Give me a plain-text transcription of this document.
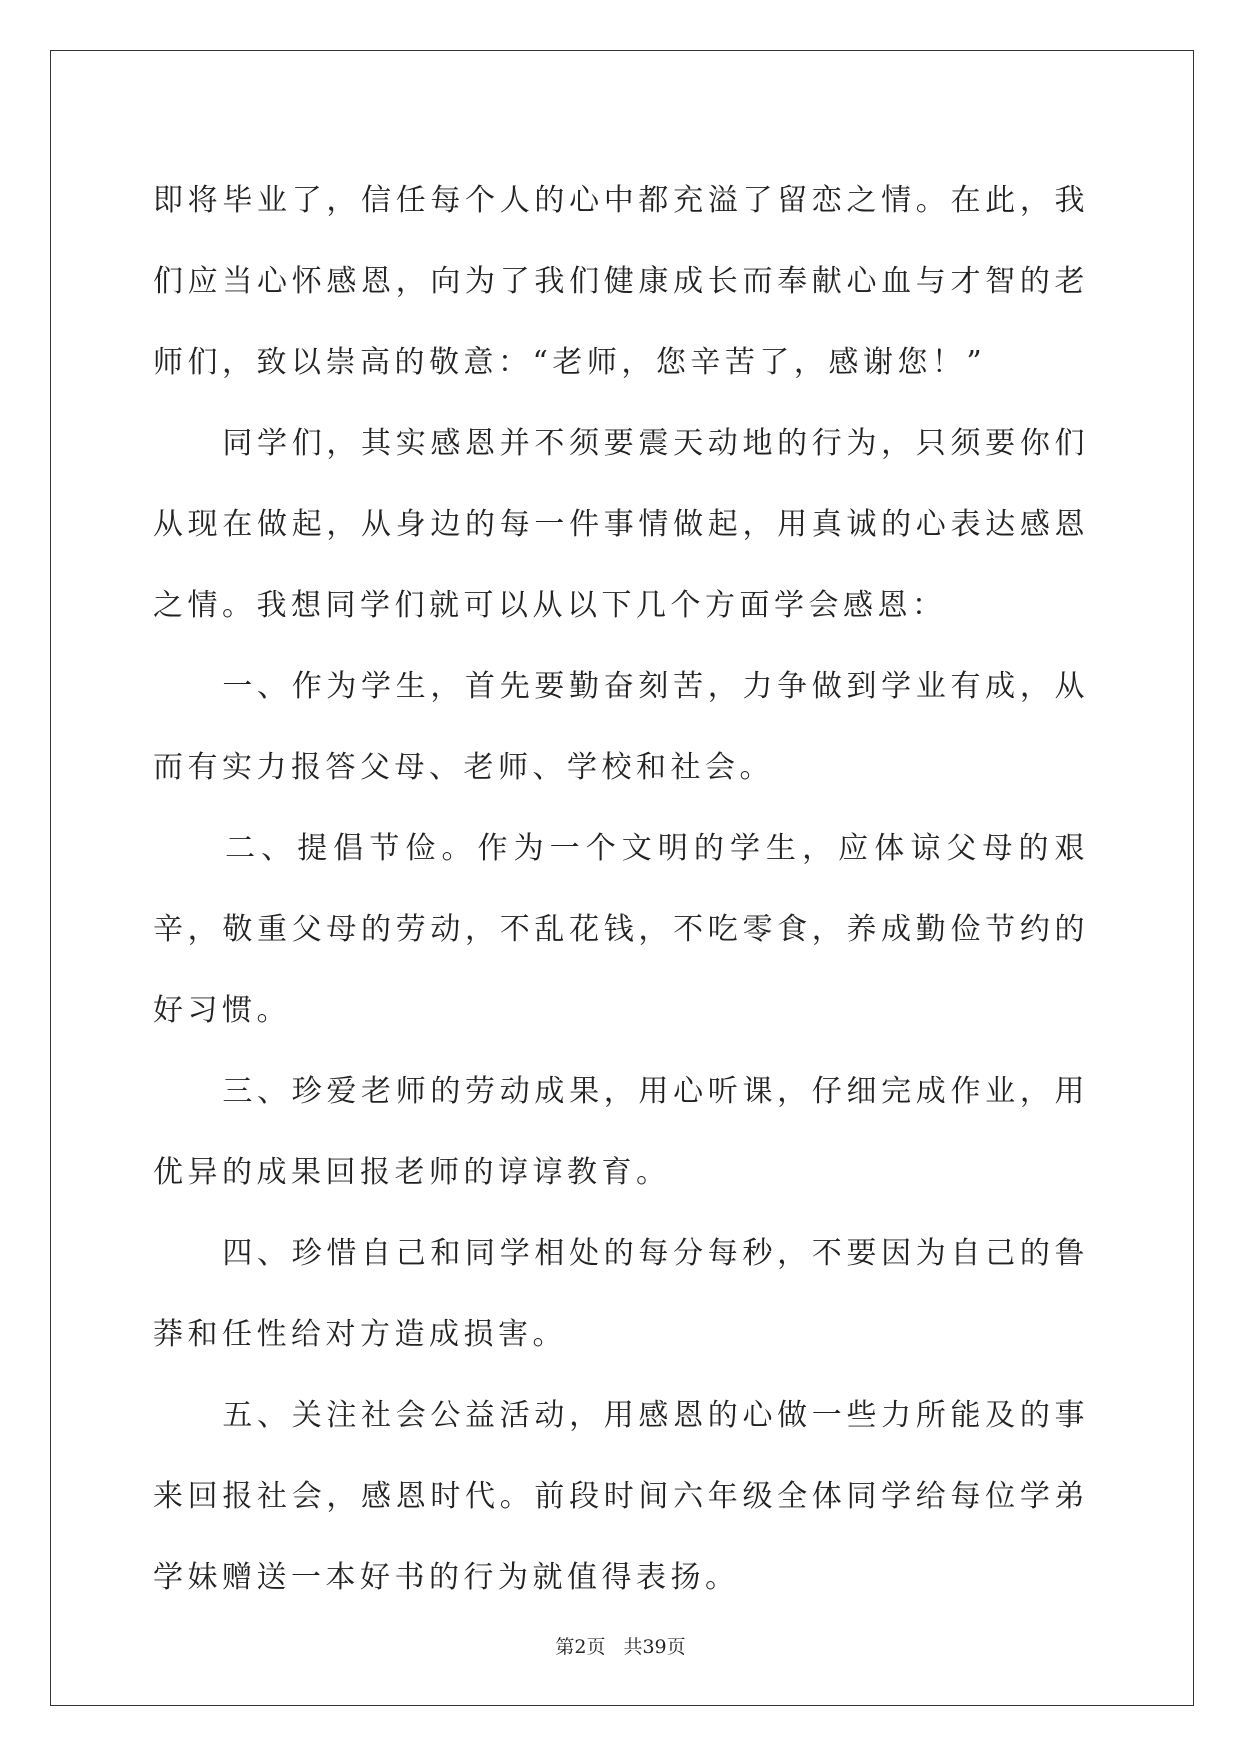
即将毕业了，信任每个人的心中都充溢了留恋之情。在此，我们应当心怀感恩，向为了我们健康成长而奉献心血与才智的老师们，致以崇高的敬意：“老师，您辛苦了，感谢您！”

　　同学们，其实感恩并不须要震天动地的行为，只须要你们从现在做起，从身边的每一件事情做起，用真诚的心表达感恩之情。我想同学们就可以从以下几个方面学会感恩：

　　一、作为学生，首先要勤奋刻苦，力争做到学业有成，从而有实力报答父母、老师、学校和社会。

　　二、提倡节俭。作为一个文明的学生，应体谅父母的艰辛，敬重父母的劳动，不乱花钱，不吃零食，养成勤俭节约的好习惯。

　　三、珍爱老师的劳动成果，用心听课，仔细完成作业，用优异的成果回报老师的谆谆教育。

　　四、珍惜自己和同学相处的每分每秒，不要因为自己的鲁莽和任性给对方造成损害。

　　五、关注社会公益活动，用感恩的心做一些力所能及的事来回报社会，感恩时代。前段时间六年级全体同学给每位学弟学妹赠送一本好书的行为就值得表扬。

第2页 共39页
